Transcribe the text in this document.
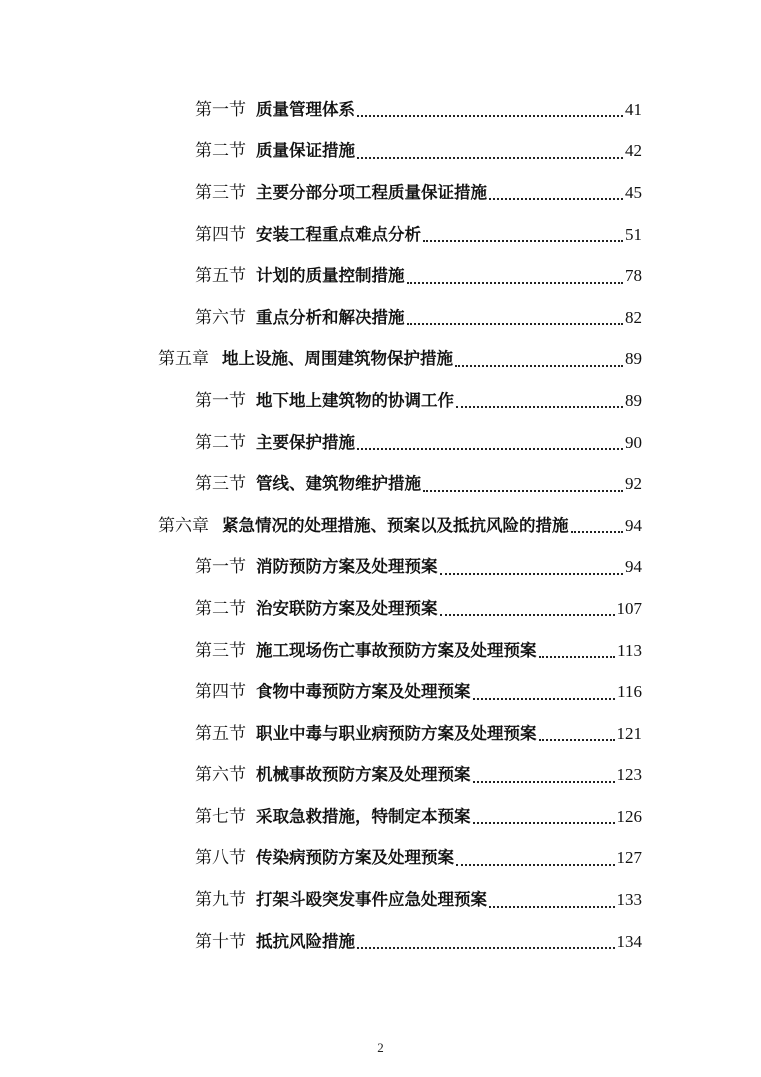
第一节 质量管理体系	41
第二节 质量保证措施	42
第三节 主要分部分项工程质量保证措施	45
第四节 安装工程重点难点分析	51
第五节 计划的质量控制措施	78
第六节 重点分析和解决措施	82
第五章 地上设施、周围建筑物保护措施	89
第一节 地下地上建筑物的协调工作	89
第二节 主要保护措施	90
第三节 管线、建筑物维护措施	92
第六章 紧急情况的处理措施、预案以及抵抗风险的措施	94
第一节 消防预防方案及处理预案	94
第二节 治安联防方案及处理预案	107
第三节 施工现场伤亡事故预防方案及处理预案	113
第四节 食物中毒预防方案及处理预案	116
第五节 职业中毒与职业病预防方案及处理预案	121
第六节 机械事故预防方案及处理预案	123
第七节 采取急救措施，特制定本预案	126
第八节 传染病预防方案及处理预案	127
第九节 打架斗殴突发事件应急处理预案	133
第十节 抵抗风险措施	134
2
